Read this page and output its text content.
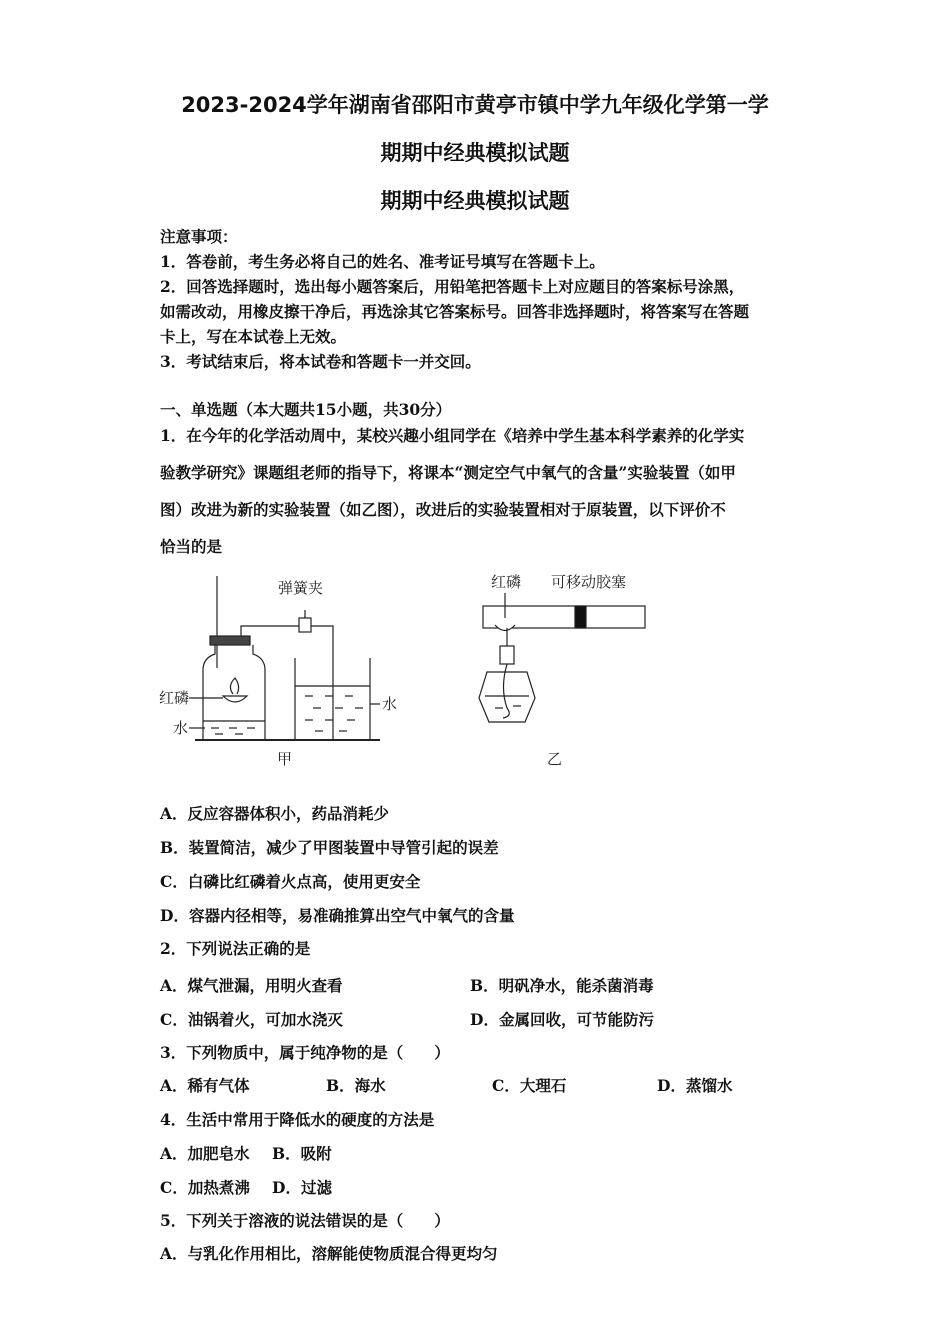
2023-2024学年湖南省邵阳市黄亭市镇中学九年级化学第一学
期期中经典模拟试题
期期中经典模拟试题

注意事项：

1．答卷前，考生务必将自己的姓名、准考证号填写在答题卡上。

2．回答选择题时，选出每小题答案后，用铅笔把答题卡上对应题目的答案标号涂黑，

如需改动，用橡皮擦干净后，再选涂其它答案标号。回答非选择题时，将答案写在答题

卡上，写在本试卷上无效。

3．考试结束后，将本试卷和答题卡一并交回。

一、单选题（本大题共15小题，共30分）

1．在今年的化学活动周中，某校兴趣小组同学在《培养中学生基本科学素养的化学实

验教学研究》课题组老师的指导下，将课本“测定空气中氧气的含量”实验装置（如甲

图）改进为新的实验装置（如乙图），改进后的实验装置相对于原装置，以下评价不

恰当的是

弹簧夹
红磷
水
水
甲
红磷 可移动胶塞
乙

A．反应容器体积小，药品消耗少

B．装置简洁，减少了甲图装置中导管引起的误差

C．白磷比红磷着火点高，使用更安全

D．容器内径相等，易准确推算出空气中氧气的含量

2．下列说法正确的是

A．煤气泄漏，用明火查看	B．明矾净水，能杀菌消毒
C．油锅着火，可加水浇灭	D．金属回收，可节能防污

3．下列物质中，属于纯净物的是（　　）

A．稀有气体	B．海水	C．大理石	D．蒸馏水

4．生活中常用于降低水的硬度的方法是

A．加肥皂水 B．吸附
C．加热煮沸 D．过滤

5．下列关于溶液的说法错误的是（　　）

A．与乳化作用相比，溶解能使物质混合得更均匀
